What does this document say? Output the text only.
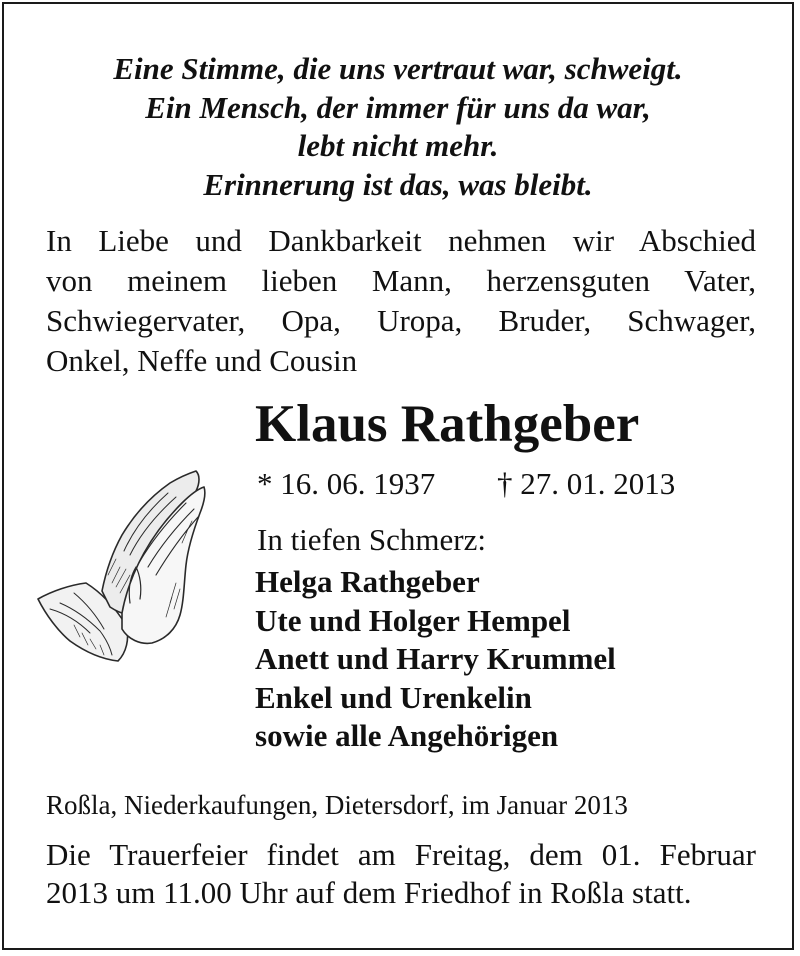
Eine Stimme, die uns vertraut war, schweigt.
Ein Mensch, der immer für uns da war,
lebt nicht mehr.
Erinnerung ist das, was bleibt.
In Liebe und Dankbarkeit nehmen wir Abschied
von meinem lieben Mann, herzensguten Vater,
Schwiegervater, Opa, Uropa, Bruder, Schwager,
Onkel, Neffe und Cousin
Klaus Rathgeber
* 16. 06. 1937 † 27. 01. 2013
In tiefen Schmerz:
Helga Rathgeber
Ute und Holger Hempel
Anett und Harry Krummel
Enkel und Urenkelin
sowie alle Angehörigen
Roßla, Niederkaufungen, Dietersdorf, im Januar 2013
Die Trauerfeier findet am Freitag, dem 01. Februar
2013 um 11.00 Uhr auf dem Friedhof in Roßla statt.
